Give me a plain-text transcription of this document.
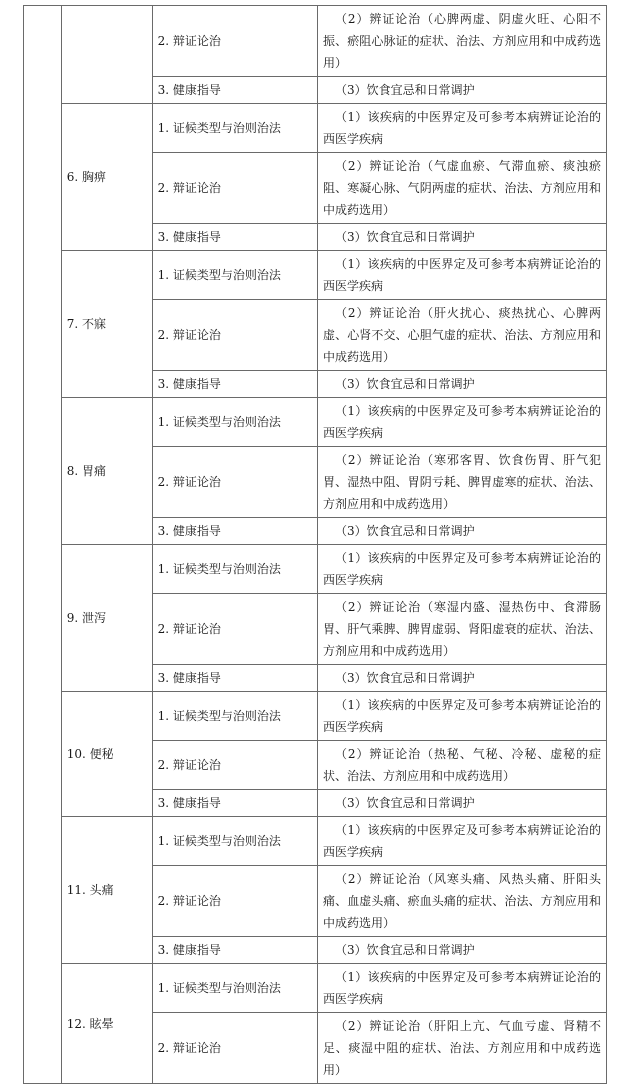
		2. 辩证论治	（2）辨证论治（心脾两虚、阴虚火旺、心阳不振、瘀阻心脉证的症状、治法、方剂应用和中成药选用）

		3. 健康指导	（3）饮食宜忌和日常调护

	6. 胸痹	1. 证候类型与治则治法	（1）该疾病的中医界定及可参考本病辨证论治的西医学疾病

		2. 辩证论治	（2）辨证论治（气虚血瘀、气滞血瘀、痰浊瘀阻、寒凝心脉、气阴两虚的症状、治法、方剂应用和中成药选用）

		3. 健康指导	（3）饮食宜忌和日常调护

	7. 不寐	1. 证候类型与治则治法	（1）该疾病的中医界定及可参考本病辨证论治的西医学疾病

		2. 辩证论治	（2）辨证论治（肝火扰心、痰热扰心、心脾两虚、心肾不交、心胆气虚的症状、治法、方剂应用和中成药选用）

		3. 健康指导	（3）饮食宜忌和日常调护

	8. 胃痛	1. 证候类型与治则治法	（1）该疾病的中医界定及可参考本病辨证论治的西医学疾病

		2. 辩证论治	（2）辨证论治（寒邪客胃、饮食伤胃、肝气犯胃、湿热中阻、胃阴亏耗、脾胃虚寒的症状、治法、方剂应用和中成药选用）

		3. 健康指导	（3）饮食宜忌和日常调护

	9. 泄泻	1. 证候类型与治则治法	（1）该疾病的中医界定及可参考本病辨证论治的西医学疾病

		2. 辩证论治	（2）辨证论治（寒湿内盛、湿热伤中、食滞肠胃、肝气乘脾、脾胃虚弱、肾阳虚衰的症状、治法、方剂应用和中成药选用）

		3. 健康指导	（3）饮食宜忌和日常调护

	10. 便秘	1. 证候类型与治则治法	（1）该疾病的中医界定及可参考本病辨证论治的西医学疾病

		2. 辩证论治	（2）辨证论治（热秘、气秘、冷秘、虚秘的症状、治法、方剂应用和中成药选用）

		3. 健康指导	（3）饮食宜忌和日常调护

	11. 头痛	1. 证候类型与治则治法	（1）该疾病的中医界定及可参考本病辨证论治的西医学疾病

		2. 辩证论治	（2）辨证论治（风寒头痛、风热头痛、肝阳头痛、血虚头痛、瘀血头痛的症状、治法、方剂应用和中成药选用）

		3. 健康指导	（3）饮食宜忌和日常调护

	12. 眩晕	1. 证候类型与治则治法	（1）该疾病的中医界定及可参考本病辨证论治的西医学疾病

		2. 辩证论治	（2）辨证论治（肝阳上亢、气血亏虚、肾精不足、痰湿中阻的症状、治法、方剂应用和中成药选用）
